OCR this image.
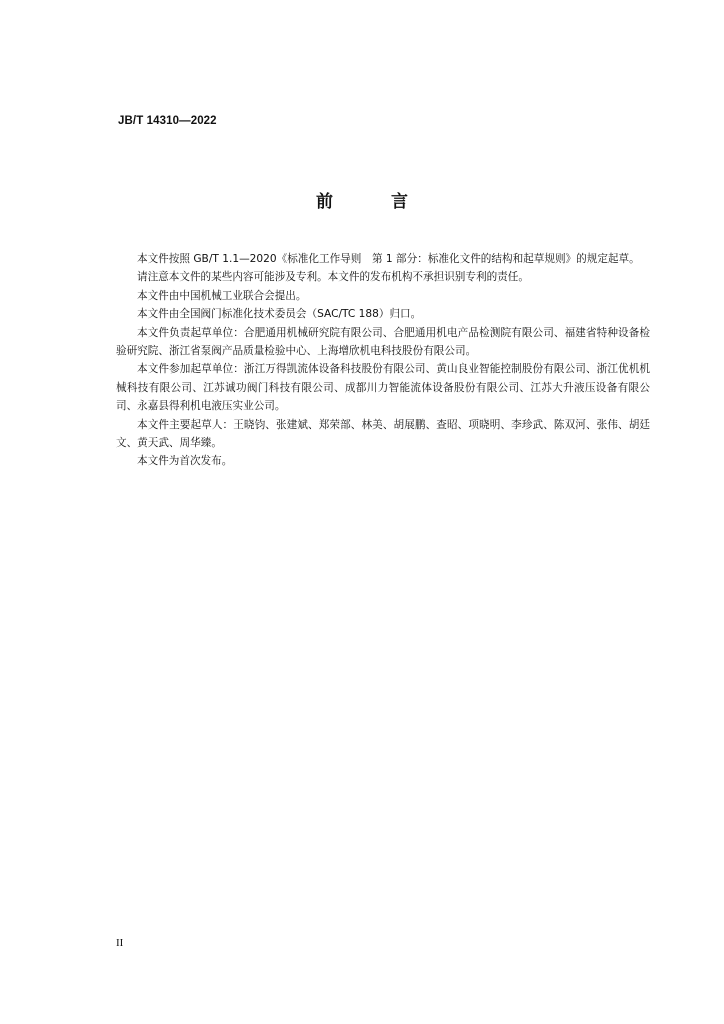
JB/T 14310—2022
前 言

本文件按照 GB/T 1.1—2020《标准化工作导则　第 1 部分：标准化文件的结构和起草规则》的规定起草。

请注意本文件的某些内容可能涉及专利。本文件的发布机构不承担识别专利的责任。

本文件由中国机械工业联合会提出。

本文件由全国阀门标准化技术委员会（SAC/TC 188）归口。

本文件负责起草单位：合肥通用机械研究院有限公司、合肥通用机电产品检测院有限公司、福建省特种设备检验研究院、浙江省泵阀产品质量检验中心、上海增欣机电科技股份有限公司。

本文件参加起草单位：浙江万得凯流体设备科技股份有限公司、黄山良业智能控制股份有限公司、浙江优机机械科技有限公司、江苏诚功阀门科技有限公司、成都川力智能流体设备股份有限公司、江苏大升液压设备有限公司、永嘉县得利机电液压实业公司。

本文件主要起草人：王晓钧、张建斌、郑荣部、林美、胡展鹏、查昭、项晓明、李珍武、陈双河、张伟、胡廷文、黄天武、周华臻。

本文件为首次发布。

II
